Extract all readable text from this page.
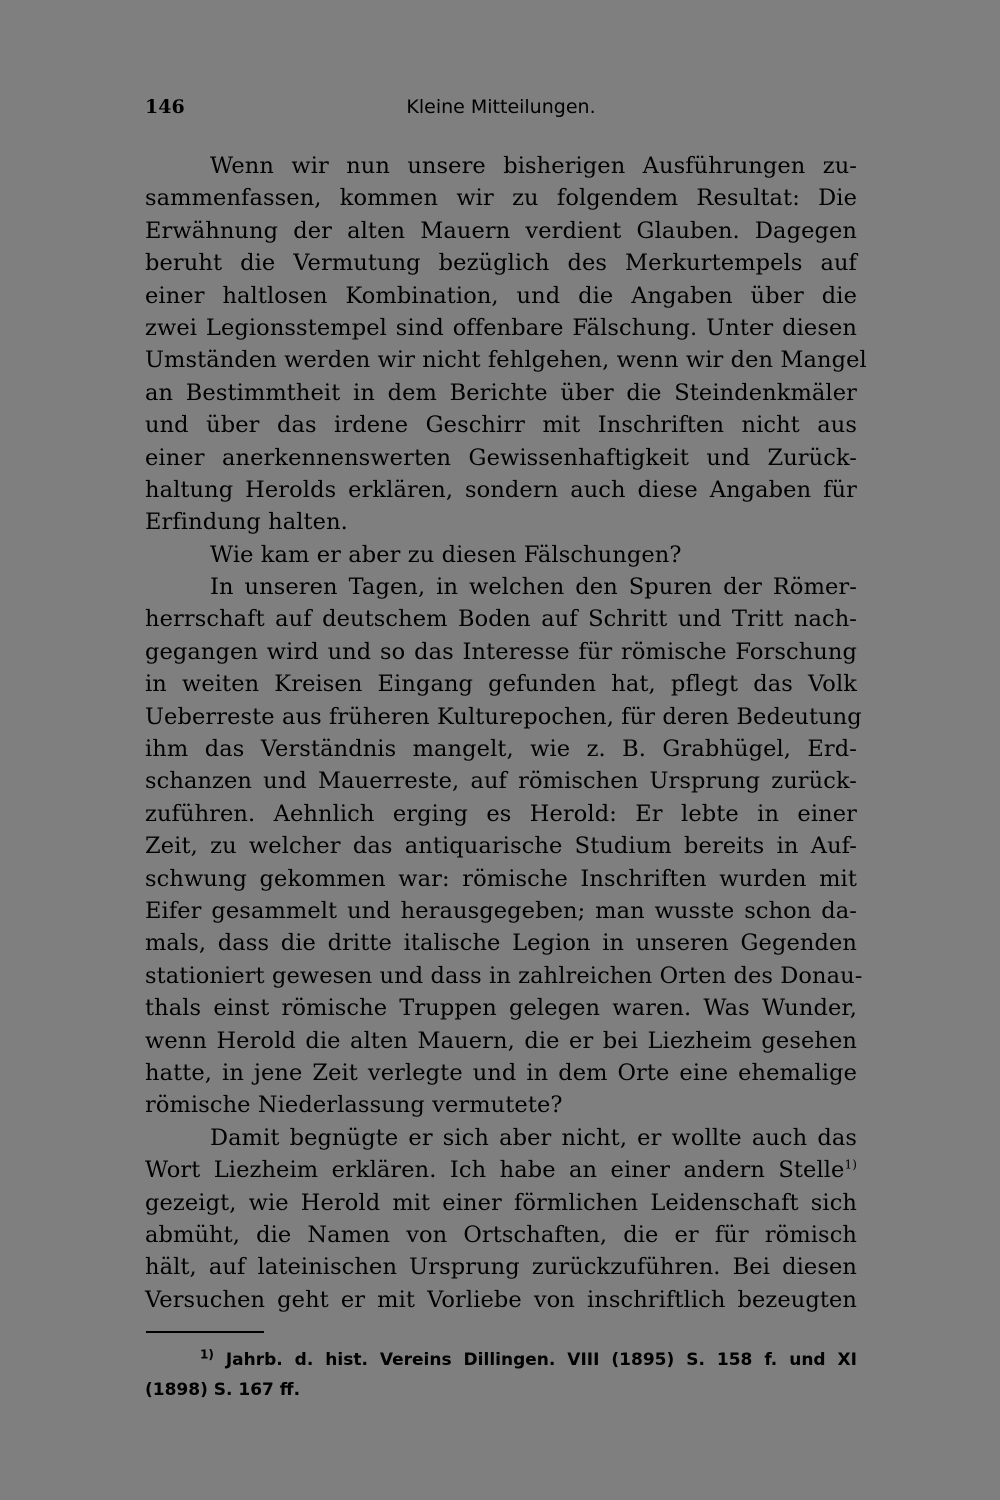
146	Kleine Mitteilungen.
Wenn wir nun unsere bisherigen Ausführungen zu-
sammenfassen, kommen wir zu folgendem Resultat: Die
Erwähnung der alten Mauern verdient Glauben. Dagegen
beruht die Vermutung bezüglich des Merkurtempels auf
einer haltlosen Kombination, und die Angaben über die
zwei Legionsstempel sind offenbare Fälschung. Unter diesen
Umständen werden wir nicht fehlgehen, wenn wir den Mangel
an Bestimmtheit in dem Berichte über die Steindenkmäler
und über das irdene Geschirr mit Inschriften nicht aus
einer anerkennenswerten Gewissenhaftigkeit und Zurück-
haltung Herolds erklären, sondern auch diese Angaben für
Erfindung halten.
Wie kam er aber zu diesen Fälschungen?
In unseren Tagen, in welchen den Spuren der Römer-
herrschaft auf deutschem Boden auf Schritt und Tritt nach-
gegangen wird und so das Interesse für römische Forschung
in weiten Kreisen Eingang gefunden hat, pflegt das Volk
Ueberreste aus früheren Kulturepochen, für deren Bedeutung
ihm das Verständnis mangelt, wie z. B. Grabhügel, Erd-
schanzen und Mauerreste, auf römischen Ursprung zurück-
zuführen. Aehnlich erging es Herold: Er lebte in einer
Zeit, zu welcher das antiquarische Studium bereits in Auf-
schwung gekommen war: römische Inschriften wurden mit
Eifer gesammelt und herausgegeben; man wusste schon da-
mals, dass die dritte italische Legion in unseren Gegenden
stationiert gewesen und dass in zahlreichen Orten des Donau-
thals einst römische Truppen gelegen waren. Was Wunder,
wenn Herold die alten Mauern, die er bei Liezheim gesehen
hatte, in jene Zeit verlegte und in dem Orte eine ehemalige
römische Niederlassung vermutete?
Damit begnügte er sich aber nicht, er wollte auch das
Wort Liezheim erklären. Ich habe an einer andern Stelle$^{1)}$
gezeigt, wie Herold mit einer förmlichen Leidenschaft sich
abmüht, die Namen von Ortschaften, die er für römisch
hält, auf lateinischen Ursprung zurückzuführen. Bei diesen
Versuchen geht er mit Vorliebe von inschriftlich bezeugten
$^{1)}$ Jahrb. d. hist. Vereins Dillingen. VIII (1895) S. 158 f. und XI
(1898) S. 167 ff.
